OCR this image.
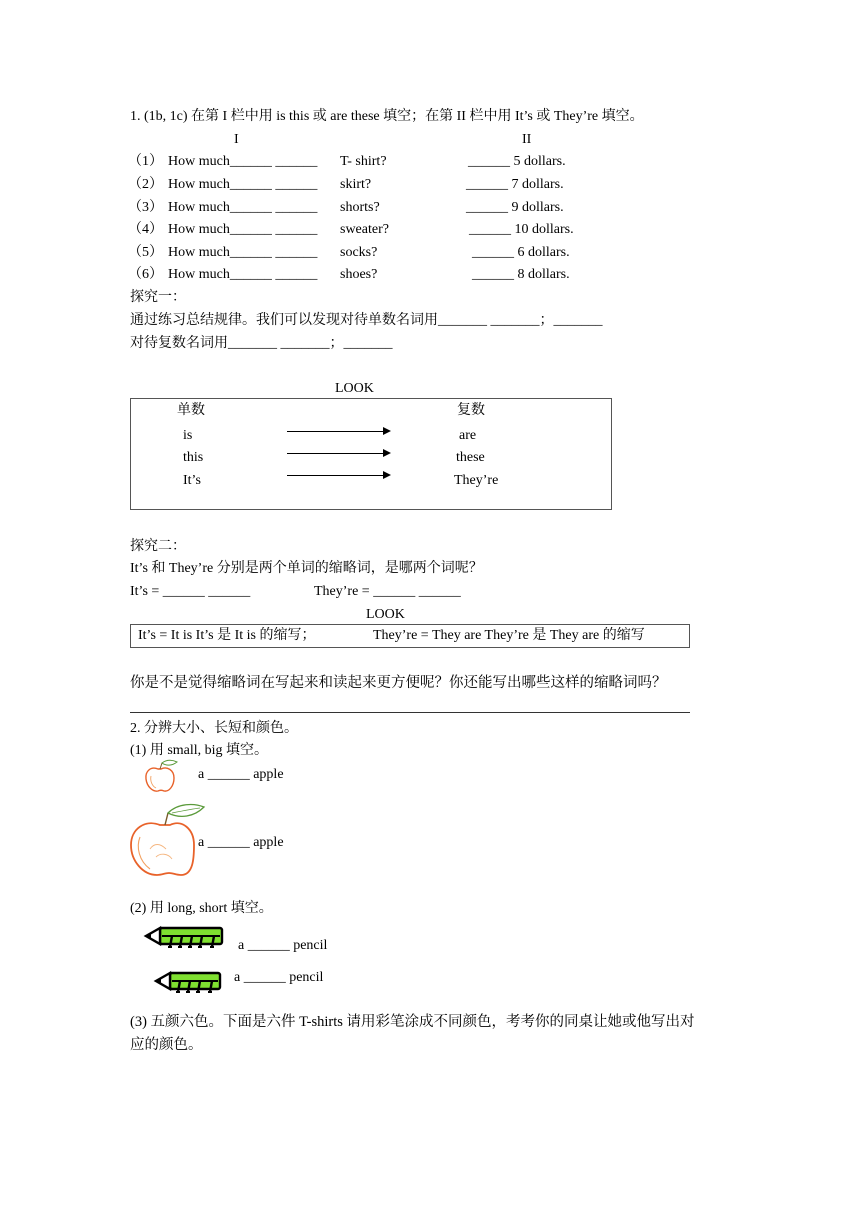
1. (1b, 1c) 在第 I 栏中用 is this 或 are these 填空；在第 II 栏中用 It’s 或 They’re 填空。
I	II
（1） How much______ ______ T- shirt?	______ 5 dollars.
（2） How much______ ______ skirt?	______ 7 dollars.
（3） How much______ ______ shorts?	______ 9 dollars.
（4） How much______ ______ sweater?	______ 10 dollars.
（5） How much______ ______ socks?	______ 6 dollars.
（6） How much______ ______ shoes?	______ 8 dollars.
探究一：
通过练习总结规律。我们可以发现对待单数名词用_______ _______；_______
对待复数名词用_______ _______；_______
LOOK
单数	复数
is	are
this	these
It’s	They’re
探究二：
It’s 和 They’re 分别是两个单词的缩略词，是哪两个词呢？
It’s = ______ ______	They’re = ______ ______
LOOK
It’s = It is It’s 是 It is 的缩写；	They’re = They are They’re 是 They are 的缩写
你是不是觉得缩略词在写起来和读起来更方便呢？你还能写出哪些这样的缩略词吗？
2. 分辨大小、长短和颜色。
(1) 用 small, big 填空。
a ______ apple
a ______ apple
(2) 用 long, short 填空。
a ______ pencil
a ______ pencil
(3) 五颜六色。下面是六件 T-shirts 请用彩笔涂成不同颜色，考考你的同桌让她或他写出对
应的颜色。
